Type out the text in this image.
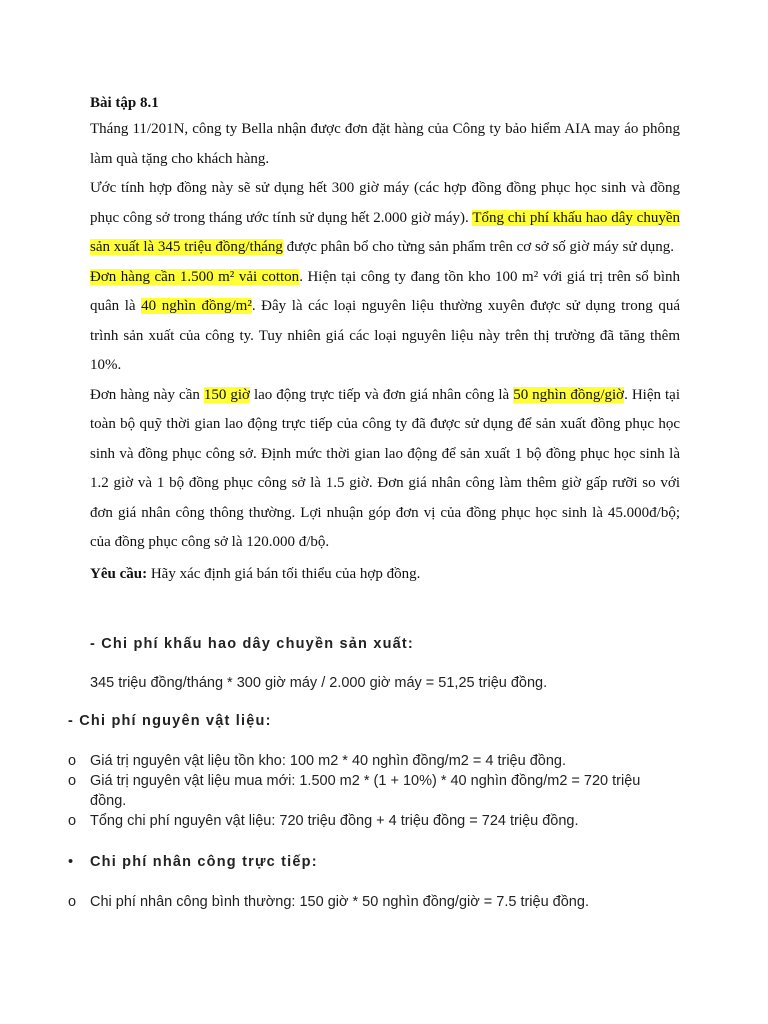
Bài tập 8.1

Tháng 11/201N, công ty Bella nhận được đơn đặt hàng của Công ty bảo hiểm AIA may áo phông làm quà tặng cho khách hàng.

Ước tính hợp đồng này sẽ sử dụng hết 300 giờ máy (các hợp đồng đồng phục học sinh và đồng phục công sở trong tháng ước tính sử dụng hết 2.000 giờ máy). Tổng chi phí khấu hao dây chuyền sản xuất là 345 triệu đồng/tháng được phân bổ cho từng sản phẩm trên cơ sở số giờ máy sử dụng.

Đơn hàng cần 1.500 m² vải cotton. Hiện tại công ty đang tồn kho 100 m² với giá trị trên sổ bình quân là 40 nghìn đồng/m². Đây là các loại nguyên liệu thường xuyên được sử dụng trong quá trình sản xuất của công ty. Tuy nhiên giá các loại nguyên liệu này trên thị trường đã tăng thêm 10%.

Đơn hàng này cần 150 giờ lao động trực tiếp và đơn giá nhân công là 50 nghìn đồng/giờ. Hiện tại toàn bộ quỹ thời gian lao động trực tiếp của công ty đã được sử dụng để sản xuất đồng phục học sinh và đồng phục công sở. Định mức thời gian lao động để sản xuất 1 bộ đồng phục học sinh là 1.2 giờ và 1 bộ đồng phục công sở là 1.5 giờ. Đơn giá nhân công làm thêm giờ gấp rưỡi so với đơn giá nhân công thông thường. Lợi nhuận góp đơn vị của đồng phục học sinh là 45.000đ/bộ; của đồng phục công sở là 120.000 đ/bộ.

Yêu cầu: Hãy xác định giá bán tối thiểu của hợp đồng.

- Chi phí khấu hao dây chuyền sản xuất:
345 triệu đồng/tháng * 300 giờ máy / 2.000 giờ máy = 51,25 triệu đồng.
- Chi phí nguyên vật liệu:
o Giá trị nguyên vật liệu tồn kho: 100 m2 * 40 nghìn đồng/m2 = 4 triệu đồng.
o Giá trị nguyên vật liệu mua mới: 1.500 m2 * (1 + 10%) * 40 nghìn đồng/m2 = 720 triệu đồng.
o Tổng chi phí nguyên vật liệu: 720 triệu đồng + 4 triệu đồng = 724 triệu đồng.
• Chi phí nhân công trực tiếp:
o Chi phí nhân công bình thường: 150 giờ * 50 nghìn đồng/giờ = 7.5 triệu đồng.
